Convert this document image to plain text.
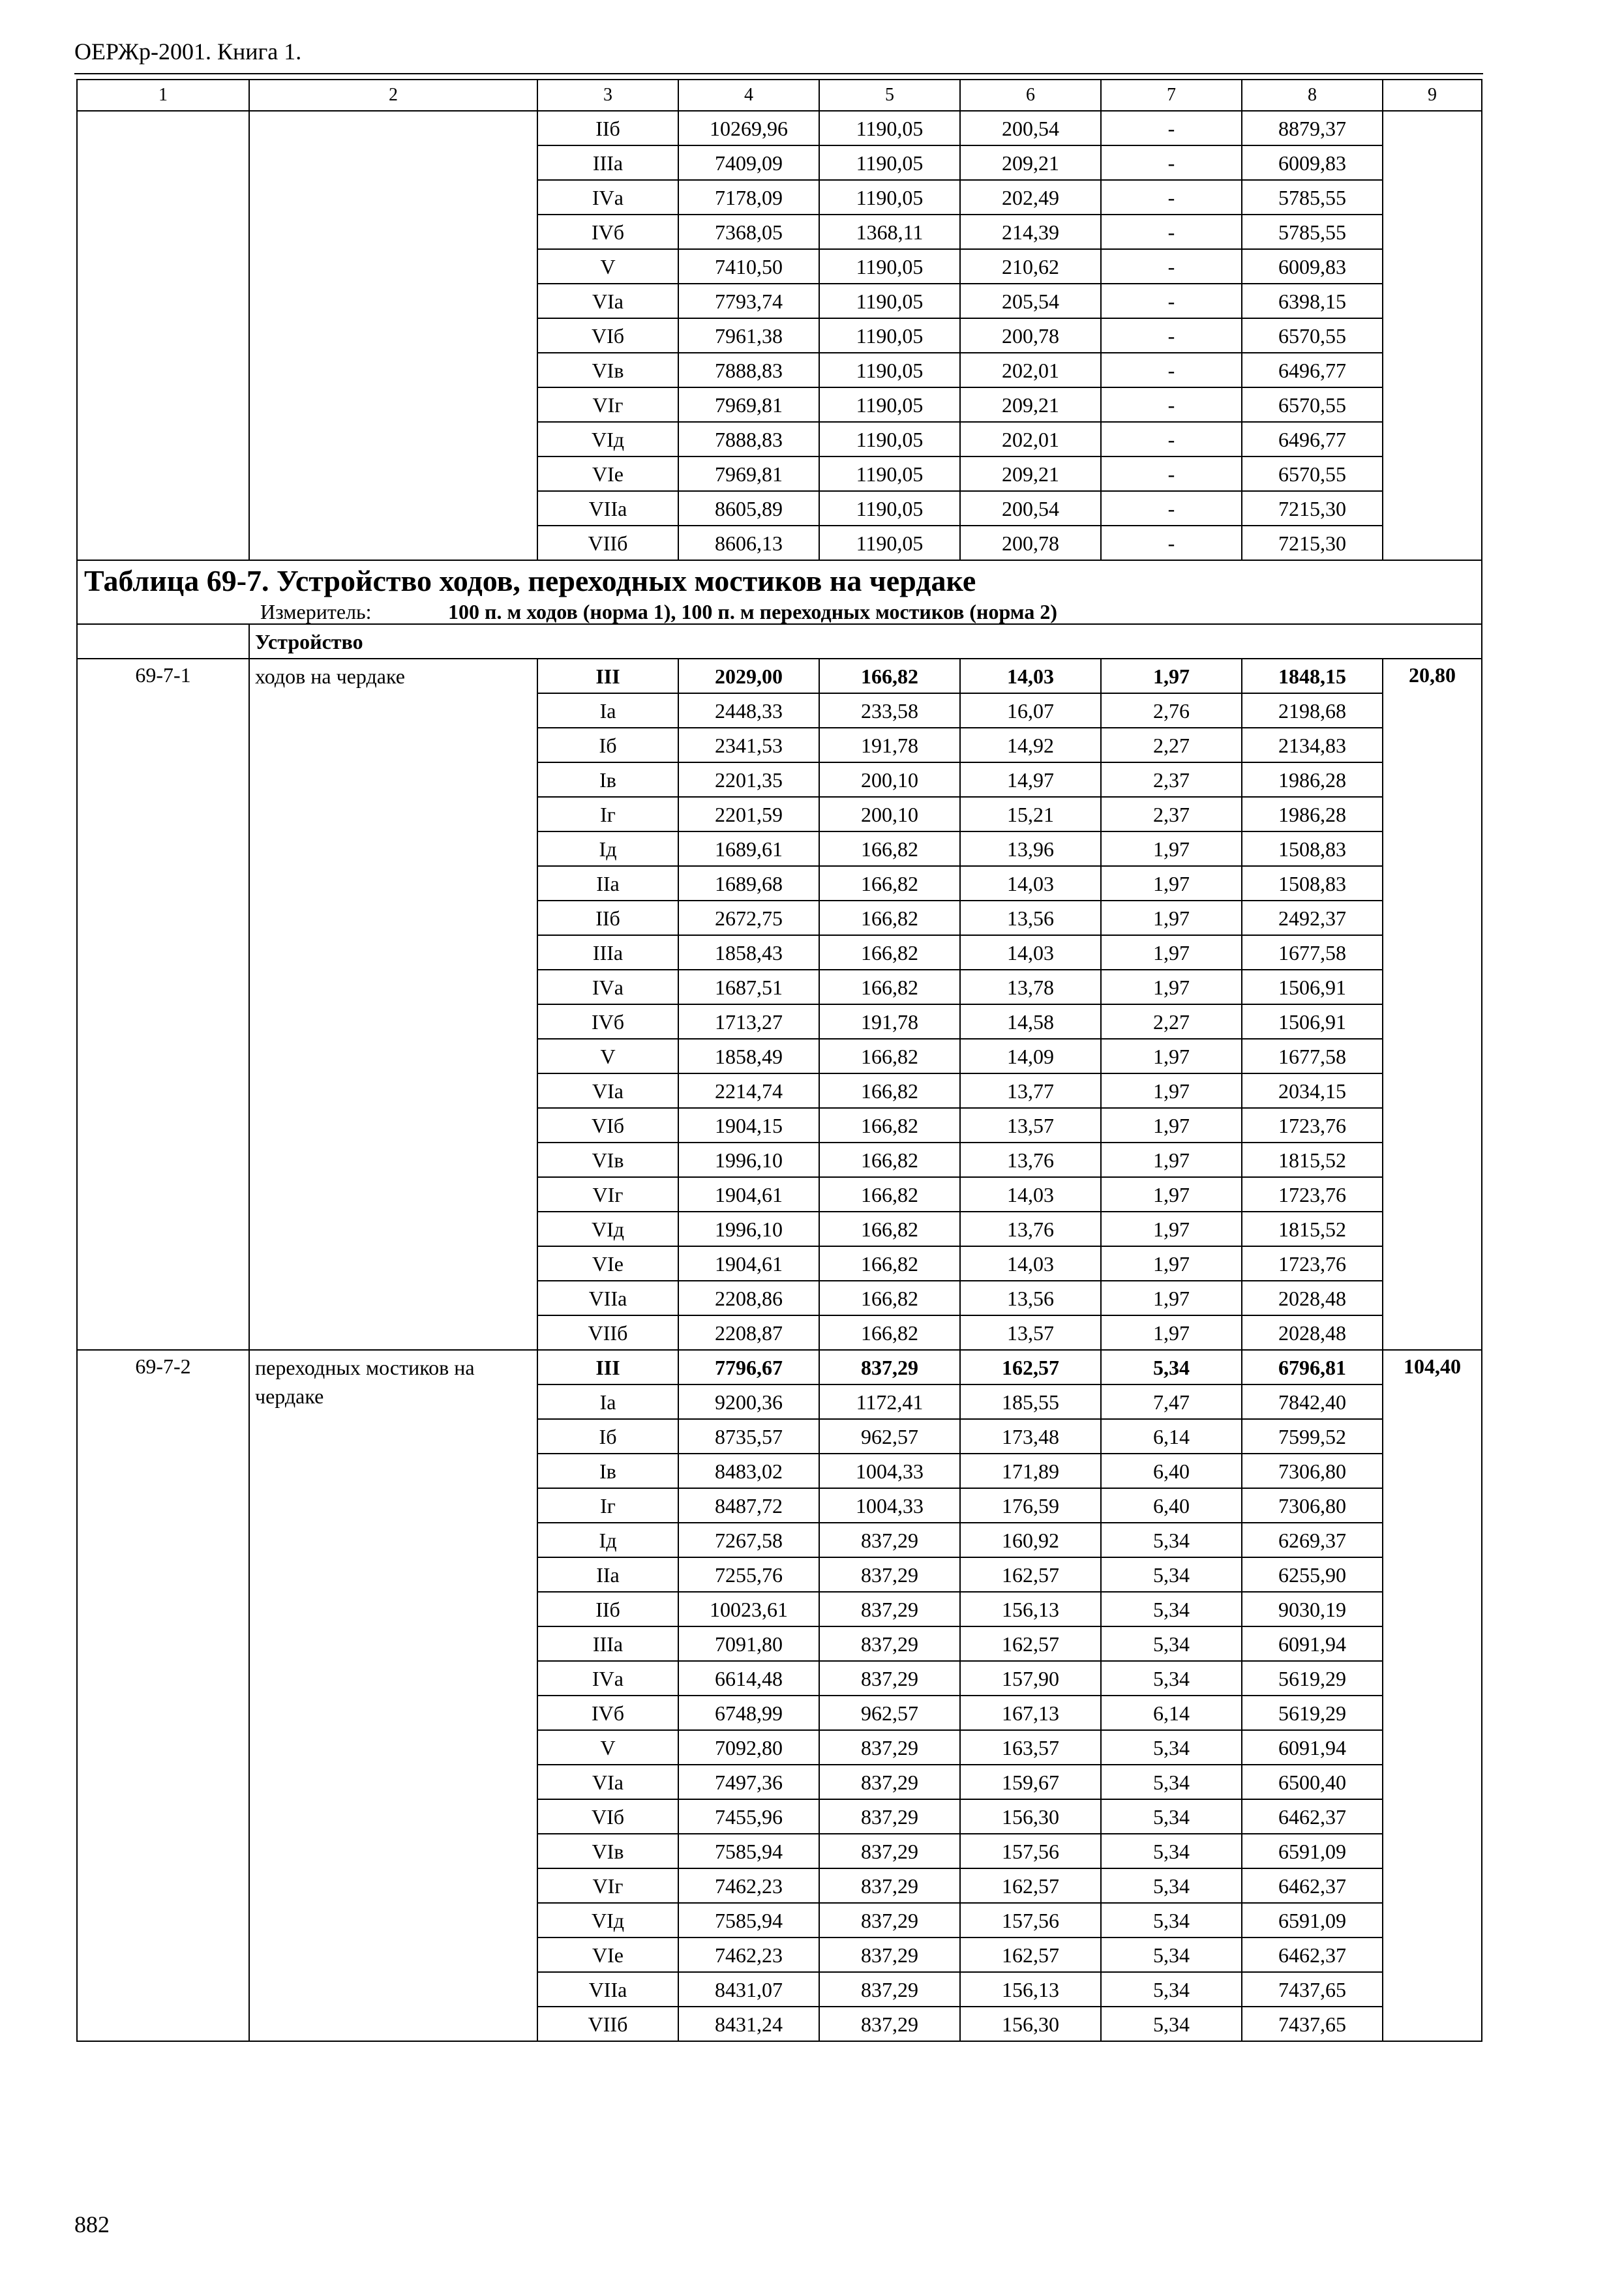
ОЕРЖр-2001. Книга 1.
1	2	3	4	5	6	7	8	9
		IIб	10269,96	1190,05	200,54	-	8879,37	
		IIIа	7409,09	1190,05	209,21	-	6009,83	
		IVа	7178,09	1190,05	202,49	-	5785,55	
		IVб	7368,05	1368,11	214,39	-	5785,55	
		V	7410,50	1190,05	210,62	-	6009,83	
		VIа	7793,74	1190,05	205,54	-	6398,15	
		VIб	7961,38	1190,05	200,78	-	6570,55	
		VIв	7888,83	1190,05	202,01	-	6496,77	
		VIг	7969,81	1190,05	209,21	-	6570,55	
		VIд	7888,83	1190,05	202,01	-	6496,77	
		VIе	7969,81	1190,05	209,21	-	6570,55	
		VIIа	8605,89	1190,05	200,54	-	7215,30	
		VIIб	8606,13	1190,05	200,78	-	7215,30	

Таблица 69-7. Устройство ходов, переходных мостиков на чердаке
Измеритель: 100 п. м ходов (норма 1), 100 п. м переходных мостиков (норма 2)								

	Устройство							
69-7-1	ходов на чердаке	III	2029,00	166,82	14,03	1,97	1848,15	20,80
		Iа	2448,33	233,58	16,07	2,76	2198,68	
		Iб	2341,53	191,78	14,92	2,27	2134,83	
		Iв	2201,35	200,10	14,97	2,37	1986,28	
		Iг	2201,59	200,10	15,21	2,37	1986,28	
		Iд	1689,61	166,82	13,96	1,97	1508,83	
		IIа	1689,68	166,82	14,03	1,97	1508,83	
		IIб	2672,75	166,82	13,56	1,97	2492,37	
		IIIа	1858,43	166,82	14,03	1,97	1677,58	
		IVа	1687,51	166,82	13,78	1,97	1506,91	
		IVб	1713,27	191,78	14,58	2,27	1506,91	
		V	1858,49	166,82	14,09	1,97	1677,58	
		VIа	2214,74	166,82	13,77	1,97	2034,15	
		VIб	1904,15	166,82	13,57	1,97	1723,76	
		VIв	1996,10	166,82	13,76	1,97	1815,52	
		VIг	1904,61	166,82	14,03	1,97	1723,76	
		VIд	1996,10	166,82	13,76	1,97	1815,52	
		VIе	1904,61	166,82	14,03	1,97	1723,76	
		VIIа	2208,86	166,82	13,56	1,97	2028,48	
		VIIб	2208,87	166,82	13,57	1,97	2028,48	
69-7-2	переходных мостиков на чердаке	III	7796,67	837,29	162,57	5,34	6796,81	104,40
		Iа	9200,36	1172,41	185,55	7,47	7842,40	
		Iб	8735,57	962,57	173,48	6,14	7599,52	
		Iв	8483,02	1004,33	171,89	6,40	7306,80	
		Iг	8487,72	1004,33	176,59	6,40	7306,80	
		Iд	7267,58	837,29	160,92	5,34	6269,37	
		IIа	7255,76	837,29	162,57	5,34	6255,90	
		IIб	10023,61	837,29	156,13	5,34	9030,19	
		IIIа	7091,80	837,29	162,57	5,34	6091,94	
		IVа	6614,48	837,29	157,90	5,34	5619,29	
		IVб	6748,99	962,57	167,13	6,14	5619,29	
		V	7092,80	837,29	163,57	5,34	6091,94	
		VIа	7497,36	837,29	159,67	5,34	6500,40	
		VIб	7455,96	837,29	156,30	5,34	6462,37	
		VIв	7585,94	837,29	157,56	5,34	6591,09	
		VIг	7462,23	837,29	162,57	5,34	6462,37	
		VIд	7585,94	837,29	157,56	5,34	6591,09	
		VIе	7462,23	837,29	162,57	5,34	6462,37	
		VIIа	8431,07	837,29	156,13	5,34	7437,65	
		VIIб	8431,24	837,29	156,30	5,34	7437,65	
882
